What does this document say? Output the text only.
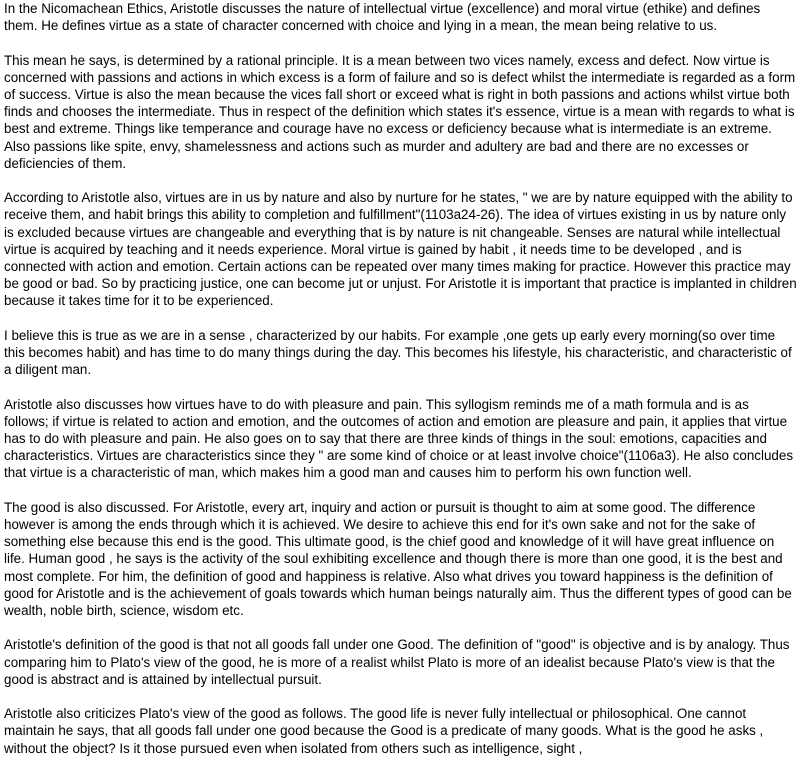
In the Nicomachean Ethics, Aristotle discusses the nature of intellectual virtue (excellence) and moral virtue (ethike) and defines them. He defines virtue as a state of character concerned with choice and lying in a mean, the mean being relative to us.

This mean he says, is determined by a rational principle. It is a mean between two vices namely, excess and defect. Now virtue is concerned with passions and actions in which excess is a form of failure and so is defect whilst the intermediate is regarded as a form of success. Virtue is also the mean because the vices fall short or exceed what is right in both passions and actions whilst virtue both finds and chooses the intermediate. Thus in respect of the definition which states it's essence, virtue is a mean with regards to what is best and extreme. Things like temperance and courage have no excess or deficiency because what is intermediate is an extreme. Also passions like spite, envy, shamelessness and actions such as murder and adultery are bad and there are no excesses or deficiencies of them.

According to Aristotle also, virtues are in us by nature and also by nurture for he states, " we are by nature equipped with the ability to receive them, and habit brings this ability to completion and fulfillment"(1103a24-26). The idea of virtues existing in us by nature only is excluded because virtues are changeable and everything that is by nature is nit changeable. Senses are natural while intellectual virtue is acquired by teaching and it needs experience. Moral virtue is gained by habit , it needs time to be developed , and is connected with action and emotion. Certain actions can be repeated over many times making for practice. However this practice may be good or bad. So by practicing justice, one can become jut or unjust. For Aristotle it is important that practice is implanted in children because it takes time for it to be experienced.

I believe this is true as we are in a sense , characterized by our habits. For example ,one gets up early every morning(so over time this becomes habit) and has time to do many things during the day. This becomes his lifestyle, his characteristic, and characteristic of a diligent man.

Aristotle also discusses how virtues have to do with pleasure and pain. This syllogism reminds me of a math formula and is as follows; if virtue is related to action and emotion, and the outcomes of action and emotion are pleasure and pain, it applies that virtue has to do with pleasure and pain. He also goes on to say that there are three kinds of things in the soul: emotions, capacities and characteristics. Virtues are characteristics since they " are some kind of choice or at least involve choice"(1106a3). He also concludes that virtue is a characteristic of man, which makes him a good man and causes him to perform his own function well.

The good is also discussed. For Aristotle, every art, inquiry and action or pursuit is thought to aim at some good. The difference however is among the ends through which it is achieved. We desire to achieve this end for it's own sake and not for the sake of something else because this end is the good. This ultimate good, is the chief good and knowledge of it will have great influence on life. Human good , he says is the activity of the soul exhibiting excellence and though there is more than one good, it is the best and most complete. For him, the definition of good and happiness is relative. Also what drives you toward happiness is the definition of good for Aristotle and is the achievement of goals towards which human beings naturally aim. Thus the different types of good can be wealth, noble birth, science, wisdom etc.

Aristotle's definition of the good is that not all goods fall under one Good. The definition of "good" is objective and is by analogy. Thus comparing him to Plato's view of the good, he is more of a realist whilst Plato is more of an idealist because Plato's view is that the good is abstract and is attained by intellectual pursuit.

Aristotle also criticizes Plato's view of the good as follows. The good life is never fully intellectual or philosophical. One cannot maintain he says, that all goods fall under one good because the Good is a predicate of many goods. What is the good he asks , without the object? Is it those pursued even when isolated from others such as intelligence, sight ,
